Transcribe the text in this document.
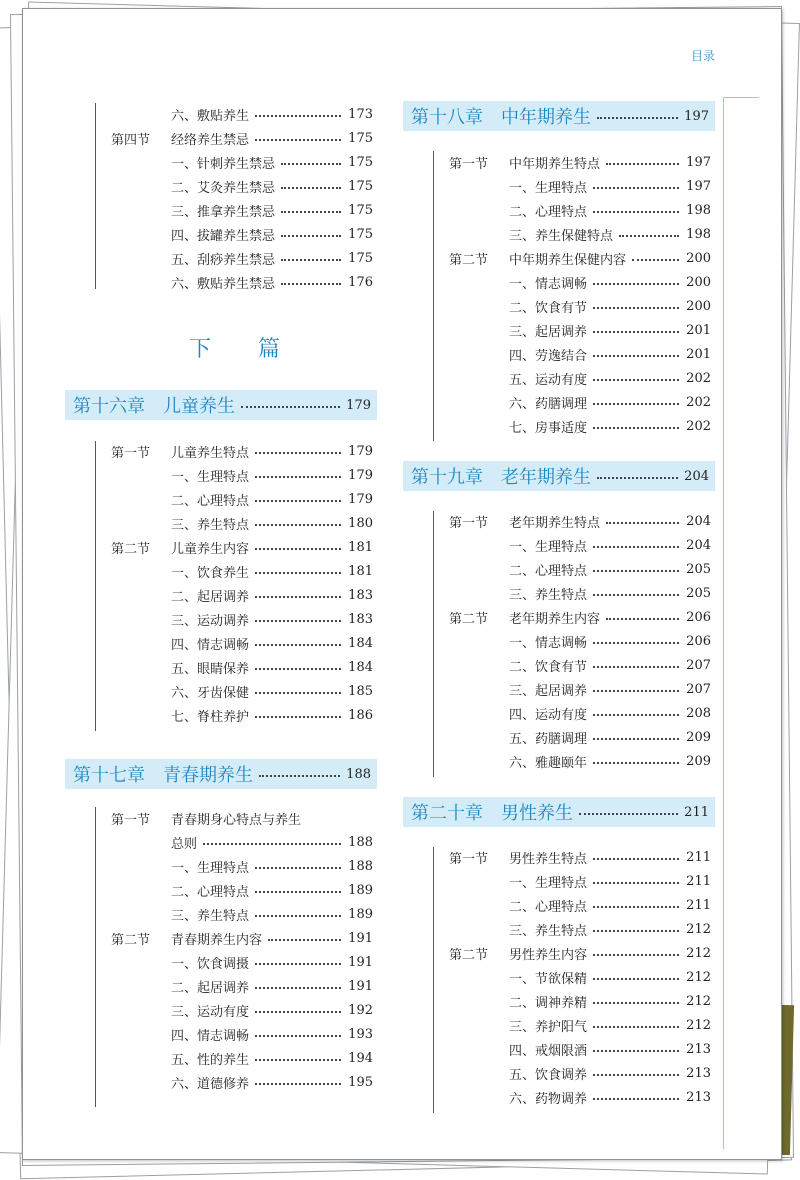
目录
六、敷贴养生	173
第四节	经络养生禁忌	175
一、针刺养生禁忌	175
二、艾灸养生禁忌	175
三、推拿养生禁忌	175
四、拔罐养生禁忌	175
五、刮痧养生禁忌	175
六、敷贴养生禁忌	176
下 篇
第十六章 儿童养生	179
第一节	儿童养生特点	179
一、生理特点	179
二、心理特点	179
三、养生特点	180
第二节	儿童养生内容	181
一、饮食养生	181
二、起居调养	183
三、运动调养	183
四、情志调畅	184
五、眼睛保养	184
六、牙齿保健	185
七、脊柱养护	186
第十七章 青春期养生	188
第一节	青春期身心特点与养生
总则	188
一、生理特点	188
二、心理特点	189
三、养生特点	189
第二节	青春期养生内容	191
一、饮食调摄	191
二、起居调养	191
三、运动有度	192
四、情志调畅	193
五、性的养生	194
六、道德修养	195
第十八章 中年期养生	197
第一节	中年期养生特点	197
一、生理特点	197
二、心理特点	198
三、养生保健特点	198
第二节	中年期养生保健内容	200
一、情志调畅	200
二、饮食有节	200
三、起居调养	201
四、劳逸结合	201
五、运动有度	202
六、药膳调理	202
七、房事适度	202
第十九章 老年期养生	204
第一节	老年期养生特点	204
一、生理特点	204
二、心理特点	205
三、养生特点	205
第二节	老年期养生内容	206
一、情志调畅	206
二、饮食有节	207
三、起居调养	207
四、运动有度	208
五、药膳调理	209
六、雅趣颐年	209
第二十章 男性养生	211
第一节	男性养生特点	211
一、生理特点	211
二、心理特点	211
三、养生特点	212
第二节	男性养生内容	212
一、节欲保精	212
二、调神养精	212
三、养护阳气	212
四、戒烟限酒	213
五、饮食调养	213
六、药物调养	213
